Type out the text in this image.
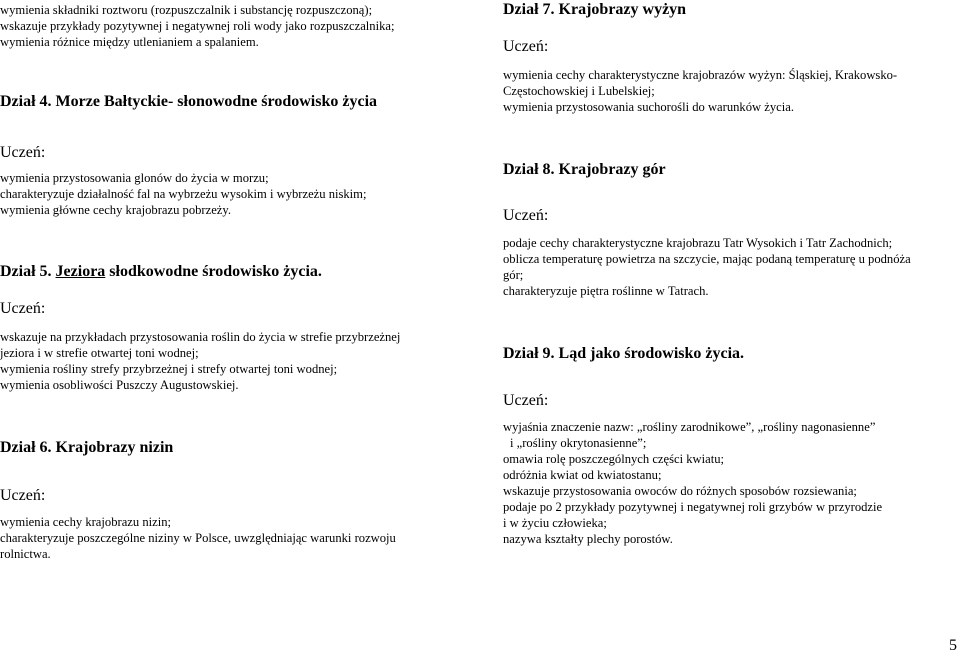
wymienia składniki roztworu (rozpuszczalnik i substancję rozpuszczoną);
wskazuje przykłady pozytywnej i negatywnej roli wody jako rozpuszczalnika;
wymienia różnice między utlenianiem a spalaniem.
Dział 4. Morze Bałtyckie- słonowodne środowisko życia
Uczeń:
wymienia przystosowania glonów do życia w morzu;
charakteryzuje działalność fal na wybrzeżu wysokim i wybrzeżu niskim;
wymienia główne cechy krajobrazu pobrzeży.
Dział 5. Jeziora słodkowodne środowisko życia.
Uczeń:
wskazuje na przykładach przystosowania roślin do życia w strefie przybrzeżnej
jeziora i w strefie otwartej toni wodnej;
wymienia rośliny strefy przybrzeżnej i strefy otwartej toni wodnej;
wymienia osobliwości Puszczy Augustowskiej.
Dział 6. Krajobrazy nizin
Uczeń:
wymienia cechy krajobrazu nizin;
charakteryzuje poszczególne niziny w Polsce, uwzględniając warunki rozwoju
rolnictwa.
Dział 7. Krajobrazy wyżyn
Uczeń:
wymienia cechy charakterystyczne krajobrazów wyżyn: Śląskiej, Krakowsko-
Częstochowskiej i Lubelskiej;
wymienia przystosowania suchorośli do warunków życia.
Dział 8. Krajobrazy gór
Uczeń:
podaje cechy charakterystyczne krajobrazu Tatr Wysokich i Tatr Zachodnich;
oblicza temperaturę powietrza na szczycie, mając podaną temperaturę u podnóża
gór;
charakteryzuje piętra roślinne w Tatrach.
Dział 9. Ląd jako środowisko życia.
Uczeń:
wyjaśnia znaczenie nazw: „rośliny zarodnikowe”, „rośliny nagonasienne”
i „rośliny okrytonasienne”;
omawia rolę poszczególnych części kwiatu;
odróżnia kwiat od kwiatostanu;
wskazuje przystosowania owoców do różnych sposobów rozsiewania;
podaje po 2 przykłady pozytywnej i negatywnej roli grzybów w przyrodzie
i w życiu człowieka;
nazywa kształty plechy porostów.
5
